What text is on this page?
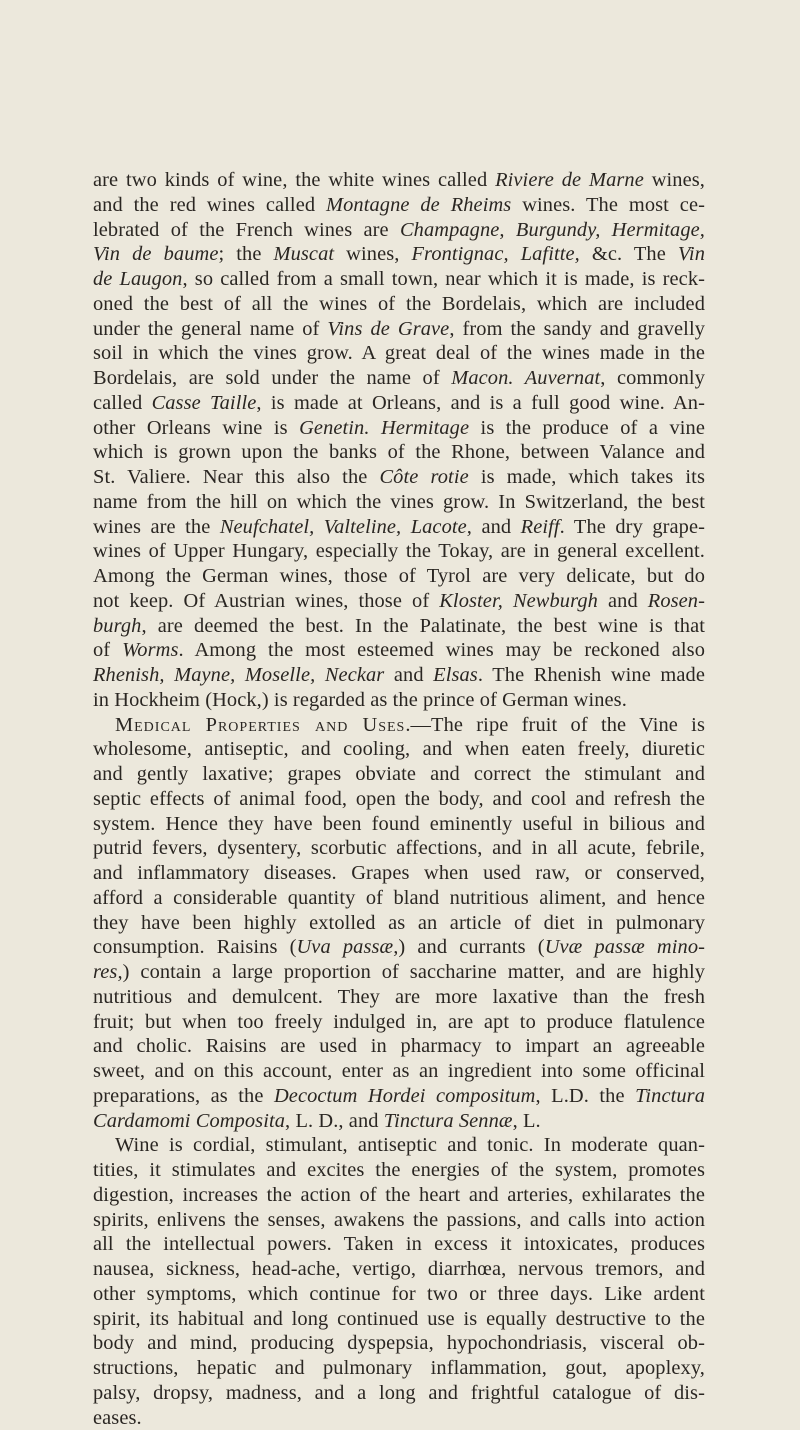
are two kinds of wine, the white wines called Riviere de Marne wines,
and the red wines called Montagne de Rheims wines. The most ce-
lebrated of the French wines are Champagne, Burgundy, Hermitage,
Vin de baume; the Muscat wines, Frontignac, Lafitte, &c. The Vin
de Laugon, so called from a small town, near which it is made, is reck-
oned the best of all the wines of the Bordelais, which are included
under the general name of Vins de Grave, from the sandy and gravelly
soil in which the vines grow. A great deal of the wines made in the
Bordelais, are sold under the name of Macon. Auvernat, commonly
called Casse Taille, is made at Orleans, and is a full good wine. An-
other Orleans wine is Genetin. Hermitage is the produce of a vine
which is grown upon the banks of the Rhone, between Valance and
St. Valiere. Near this also the Côte rotie is made, which takes its
name from the hill on which the vines grow. In Switzerland, the best
wines are the Neufchatel, Valteline, Lacote, and Reiff. The dry grape-
wines of Upper Hungary, especially the Tokay, are in general excellent.
Among the German wines, those of Tyrol are very delicate, but do
not keep. Of Austrian wines, those of Kloster, Newburgh and Rosen-
burgh, are deemed the best. In the Palatinate, the best wine is that
of Worms. Among the most esteemed wines may be reckoned also
Rhenish, Mayne, Moselle, Neckar and Elsas. The Rhenish wine made
in Hockheim (Hock,) is regarded as the prince of German wines.
Medical Properties and Uses.—The ripe fruit of the Vine is
wholesome, antiseptic, and cooling, and when eaten freely, diuretic
and gently laxative; grapes obviate and correct the stimulant and
septic effects of animal food, open the body, and cool and refresh the
system. Hence they have been found eminently useful in bilious and
putrid fevers, dysentery, scorbutic affections, and in all acute, febrile,
and inflammatory diseases. Grapes when used raw, or conserved,
afford a considerable quantity of bland nutritious aliment, and hence
they have been highly extolled as an article of diet in pulmonary
consumption. Raisins (Uva passæ,) and currants (Uvæ passæ mino-
res,) contain a large proportion of saccharine matter, and are highly
nutritious and demulcent. They are more laxative than the fresh
fruit; but when too freely indulged in, are apt to produce flatulence
and cholic. Raisins are used in pharmacy to impart an agreeable
sweet, and on this account, enter as an ingredient into some officinal
preparations, as the Decoctum Hordei compositum, L.D. the Tinctura
Cardamomi Composita, L. D., and Tinctura Sennæ, L.
Wine is cordial, stimulant, antiseptic and tonic. In moderate quan-
tities, it stimulates and excites the energies of the system, promotes
digestion, increases the action of the heart and arteries, exhilarates the
spirits, enlivens the senses, awakens the passions, and calls into action
all the intellectual powers. Taken in excess it intoxicates, produces
nausea, sickness, head-ache, vertigo, diarrhœa, nervous tremors, and
other symptoms, which continue for two or three days. Like ardent
spirit, its habitual and long continued use is equally destructive to the
body and mind, producing dyspepsia, hypochondriasis, visceral ob-
structions, hepatic and pulmonary inflammation, gout, apoplexy,
palsy, dropsy, madness, and a long and frightful catalogue of dis-
eases.
